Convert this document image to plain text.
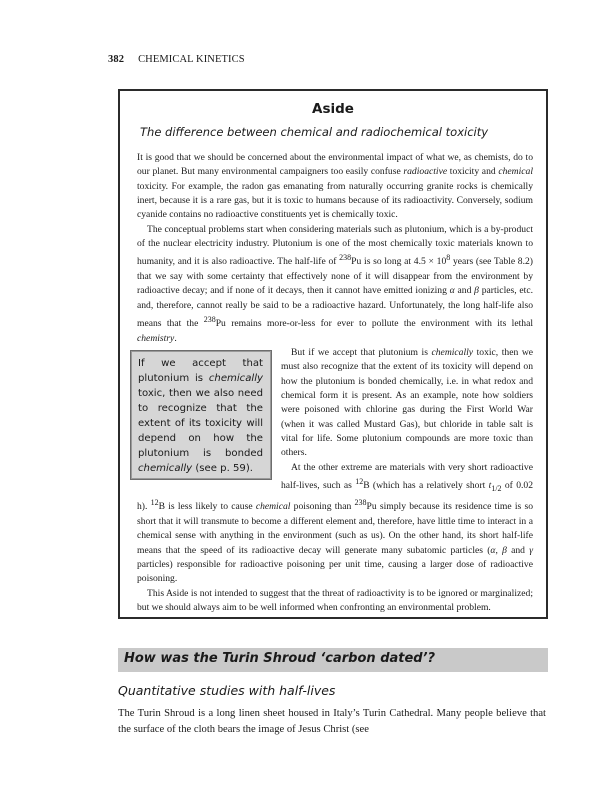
382 CHEMICAL KINETICS
Aside
The difference between chemical and radiochemical toxicity

It is good that we should be concerned about the environmental impact of what we, as chemists, do to our planet. But many environmental campaigners too easily confuse radioactive toxicity and chemical toxicity. For example, the radon gas emanating from naturally occurring granite rocks is chemically inert, because it is a rare gas, but it is toxic to humans because of its radioactivity. Conversely, sodium cyanide contains no radioactive constituents yet is chemically toxic.

The conceptual problems start when considering materials such as plutonium, which is a by-product of the nuclear electricity industry. Plutonium is one of the most chemically toxic materials known to humanity, and it is also radioactive. The half-life of $^{238}$Pu is so long at $4.5 \times 10^8$ years (see Table 8.2) that we say with some certainty that effectively none of it will disappear from the environment by radioactive decay; and if none of it decays, then it cannot have emitted ionizing α and β particles, etc. and, therefore, cannot really be said to be a radioactive hazard. Unfortunately, the long half-life also means that the $^{238}$Pu remains more-or-less for ever to pollute the environment with its lethal chemistry.

If we accept that plutonium is chemically toxic, then we also need to recognize that the extent of its toxicity will depend on how the plutonium is bonded chemically (see p. 59).

But if we accept that plutonium is chemically toxic, then we must also recognize that the extent of its toxicity will depend on how the plutonium is bonded chemically, i.e. in what redox and chemical form it is present. As an example, note how soldiers were poisoned with chlorine gas during the First World War (when it was called Mustard Gas), but chloride in table salt is vital for life. Some plutonium compounds are more toxic than others.

At the other extreme are materials with very short radioactive half-lives, such as $^{12}$B (which has a relatively short $t_{1/2}$ of 0.02 h). $^{12}$B is less likely to cause chemical poisoning than $^{238}$Pu simply because its residence time is so short that it will transmute to become a different element and, therefore, have little time to interact in a chemical sense with anything in the environment (such as us). On the other hand, its short half-life means that the speed of its radioactive decay will generate many subatomic particles (α, β and γ particles) responsible for radioactive poisoning per unit time, causing a larger dose of radioactive poisoning.

This Aside is not intended to suggest that the threat of radioactivity is to be ignored or marginalized; but we should always aim to be well informed when confronting an environmental problem.

How was the Turin Shroud ‘carbon dated’?
Quantitative studies with half-lives

The Turin Shroud is a long linen sheet housed in Italy’s Turin Cathedral. Many people believe that the surface of the cloth bears the image of Jesus Christ (see
